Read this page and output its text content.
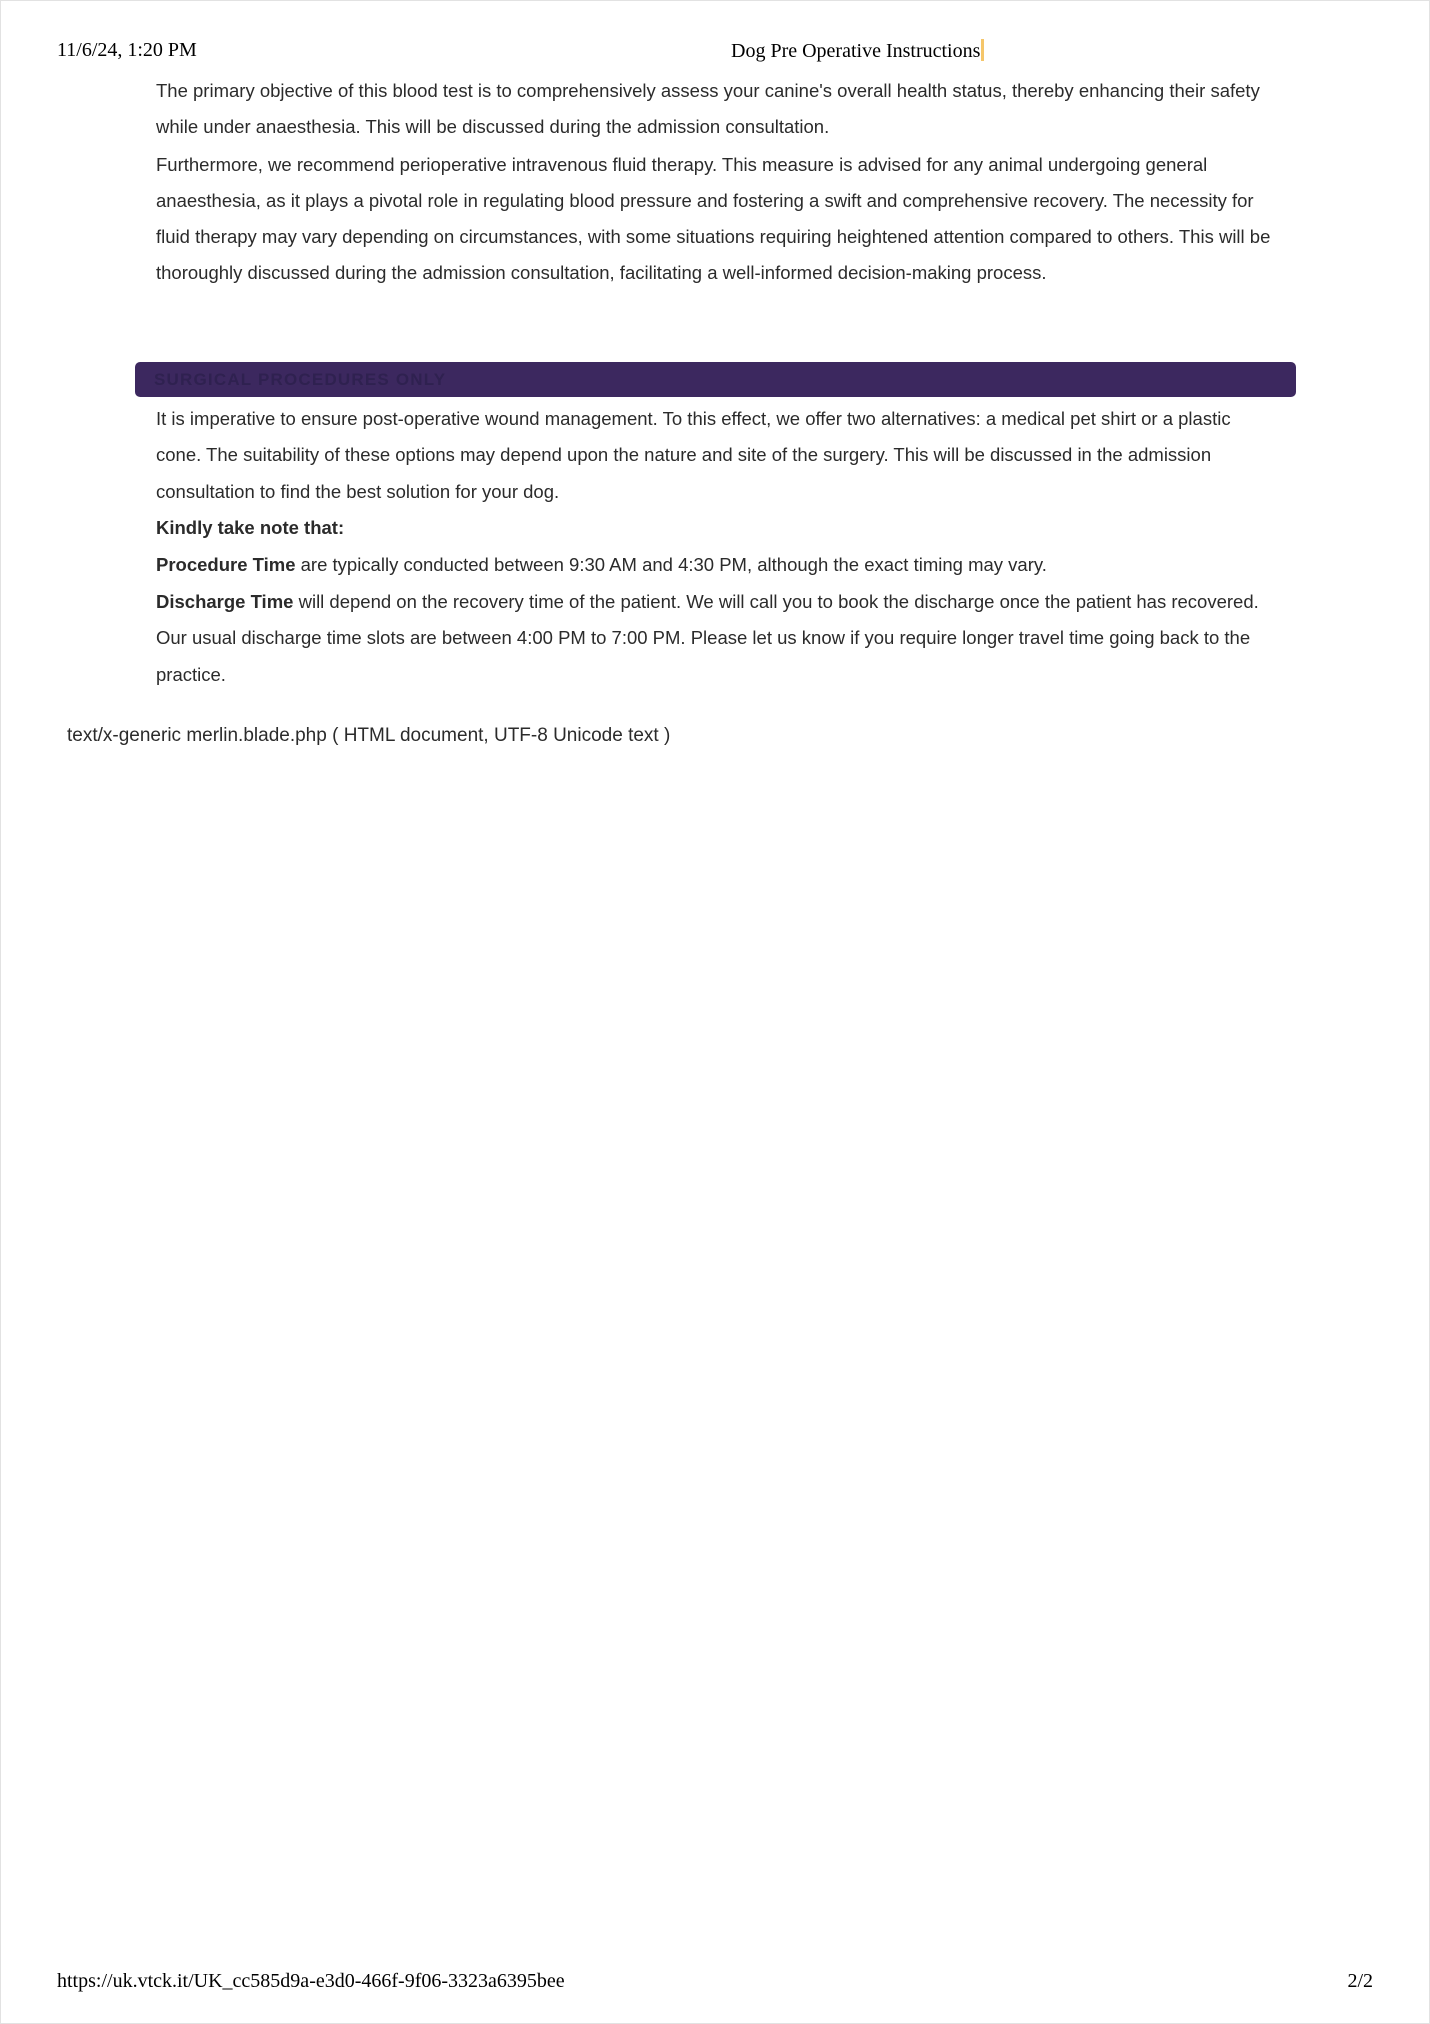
11/6/24, 1:20 PM	Dog Pre Operative Instructions

The primary objective of this blood test is to comprehensively assess your canine's overall health status, thereby enhancing their safety while under anaesthesia. This will be discussed during the admission consultation.

Furthermore, we recommend perioperative intravenous fluid therapy. This measure is advised for any animal undergoing general anaesthesia, as it plays a pivotal role in regulating blood pressure and fostering a swift and comprehensive recovery. The necessity for fluid therapy may vary depending on circumstances, with some situations requiring heightened attention compared to others. This will be thoroughly discussed during the admission consultation, facilitating a well-informed decision-making process.

SURGICAL PROCEDURES ONLY

It is imperative to ensure post-operative wound management. To this effect, we offer two alternatives: a medical pet shirt or a plastic cone. The suitability of these options may depend upon the nature and site of the surgery. This will be discussed in the admission consultation to find the best solution for your dog.

Kindly take note that:

Procedure Time are typically conducted between 9:30 AM and 4:30 PM, although the exact timing may vary.

Discharge Time will depend on the recovery time of the patient. We will call you to book the discharge once the patient has recovered. Our usual discharge time slots are between 4:00 PM to 7:00 PM. Please let us know if you require longer travel time going back to the practice.

text/x-generic merlin.blade.php ( HTML document, UTF-8 Unicode text )
https://uk.vtck.it/UK_cc585d9a-e3d0-466f-9f06-3323a6395bee	2/2
